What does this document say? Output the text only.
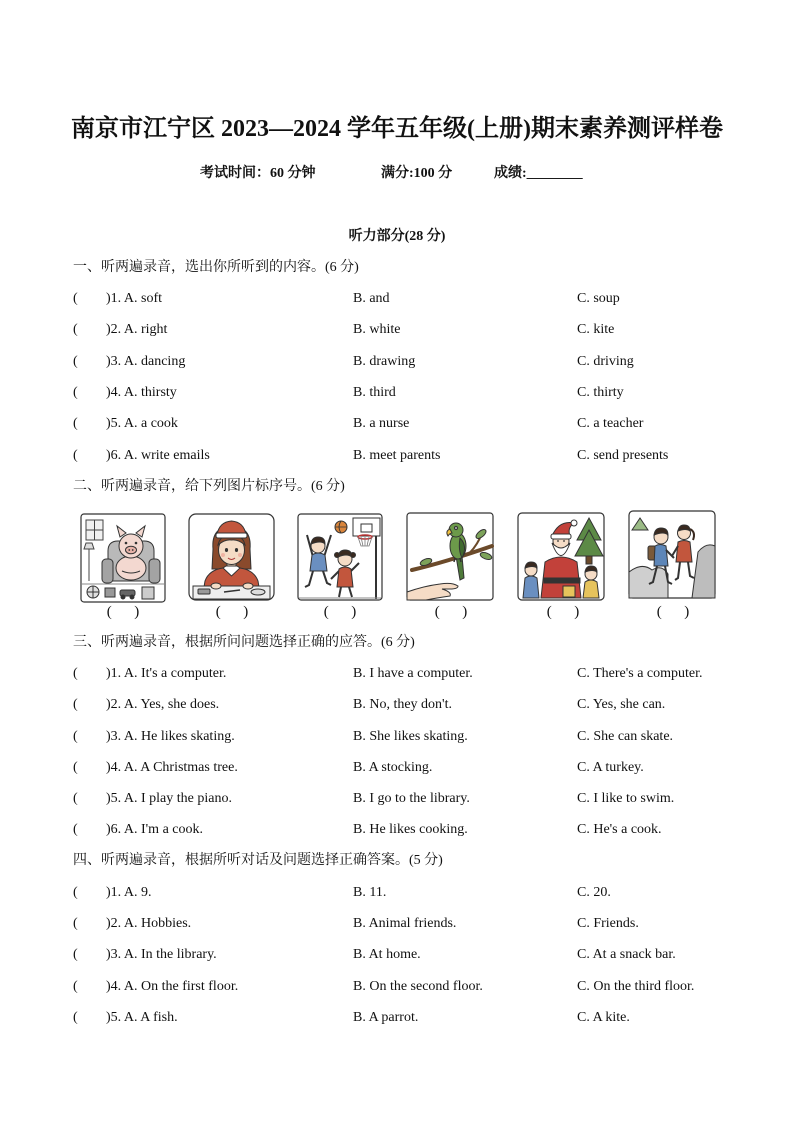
南京市江宁区 2023—2024 学年五年级(上册)期末素养测评样卷
考试时间：60 分钟	满分:100 分	成绩:________
听力部分(28 分)
一、听两遍录音，选出你所听到的内容。(6 分)
( )1. A. soft	B. and	C. soup
( )2. A. right	B. white	C. kite
( )3. A. dancing	B. drawing	C. driving
( )4. A. thirsty	B. third	C. thirty
( )5. A. a cook	B. a nurse	C. a teacher
( )6. A. write emails	B. meet parents	C. send presents
二、听两遍录音，给下列图片标序号。(6 分)
(      )	(      )	(      )	(      )	(      )	(      )
三、听两遍录音，根据所问问题选择正确的应答。(6 分)
( )1. A. It's a computer.	B. I have a computer.	C. There's a computer.
( )2. A. Yes, she does.	B. No, they don't.	C. Yes, she can.
( )3. A. He likes skating.	B. She likes skating.	C. She can skate.
( )4. A. A Christmas tree.	B. A stocking.	C. A turkey.
( )5. A. I play the piano.	B. I go to the library.	C. I like to swim.
( )6. A. I'm a cook.	B. He likes cooking.	C. He's a cook.
四、听两遍录音，根据所听对话及问题选择正确答案。(5 分)
( )1. A. 9.	B. 11.	C. 20.
( )2. A. Hobbies.	B. Animal friends.	C. Friends.
( )3. A. In the library.	B. At home.	C. At a snack bar.
( )4. A. On the first floor.	B. On the second floor.	C. On the third floor.
( )5. A. A fish.	B. A parrot.	C. A kite.
